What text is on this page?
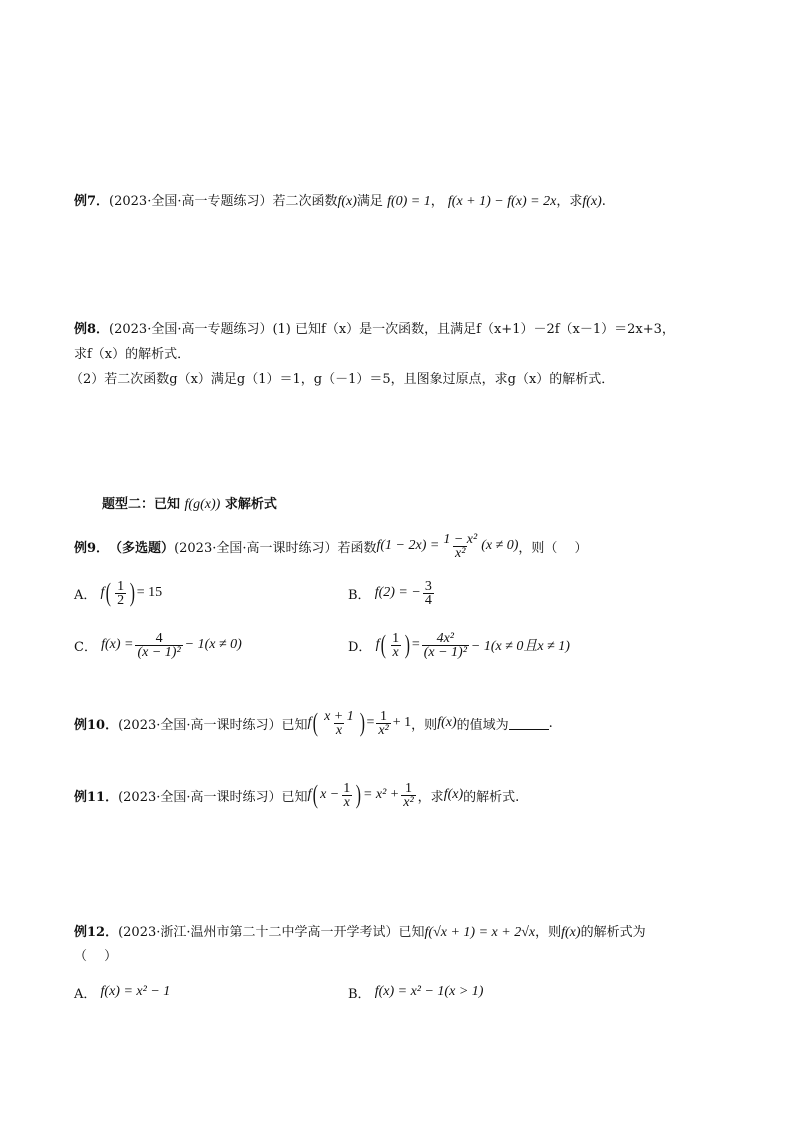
例7．(2023·全国·高一专题练习）若二次函数f(x)满足 f(0) = 1， f(x + 1) − f(x) = 2x，求f(x).
例8．(2023·全国·高一专题练习）(1) 已知f（x）是一次函数，且满足f（x+1）－2f（x－1）＝2x+3，
求f（x）的解析式．
（2）若二次函数g（x）满足g（1）＝1，g（－1）＝5，且图象过原点，求g（x）的解析式．
题型二：已知 f(g(x)) 求解析式
例9． （多选题） (2023·全国·高一课时练习） 若函数 $f(1 - 2x) = \frac{\text{1 − x²}}{\text{x²}} (x \ne 0)$ ，则（　 ）
A．
f ( $\frac{1}{2}$ ) = 15	B．
f(2) = − $\frac{3}{4}$
C．
$f(x) = \frac{4}{\text{(x − 1)²}} - 1(x \ne 0)$	D．
f ( $\frac{1}{x}$ ) = $\frac{\text{4x²}}{\text{(x − 1)²}} - 1(x \ne 0$且x ≠ 1)
例10． (2023·全国·高一课时练习） 已知 f ( $\frac{x + 1}{x}$ ) = $\frac{1}{\text{x²}} + 1$ ，则 f(x) 的值域为	.
例11． (2023·全国·高一课时练习） 已知 f ( $x - \frac{1}{x}$ ) = $x^2 + \frac{1}{\text{x²}}$ ，求 f(x) 的解析式.
例12．(2023·浙江·温州市第二十二中学高一开学考试）已知f(√x + 1) = x + 2√x，则f(x)的解析式为
（　 ）
A．
f(x) = x² − 1	B．
f(x) = x² − 1(x > 1)
